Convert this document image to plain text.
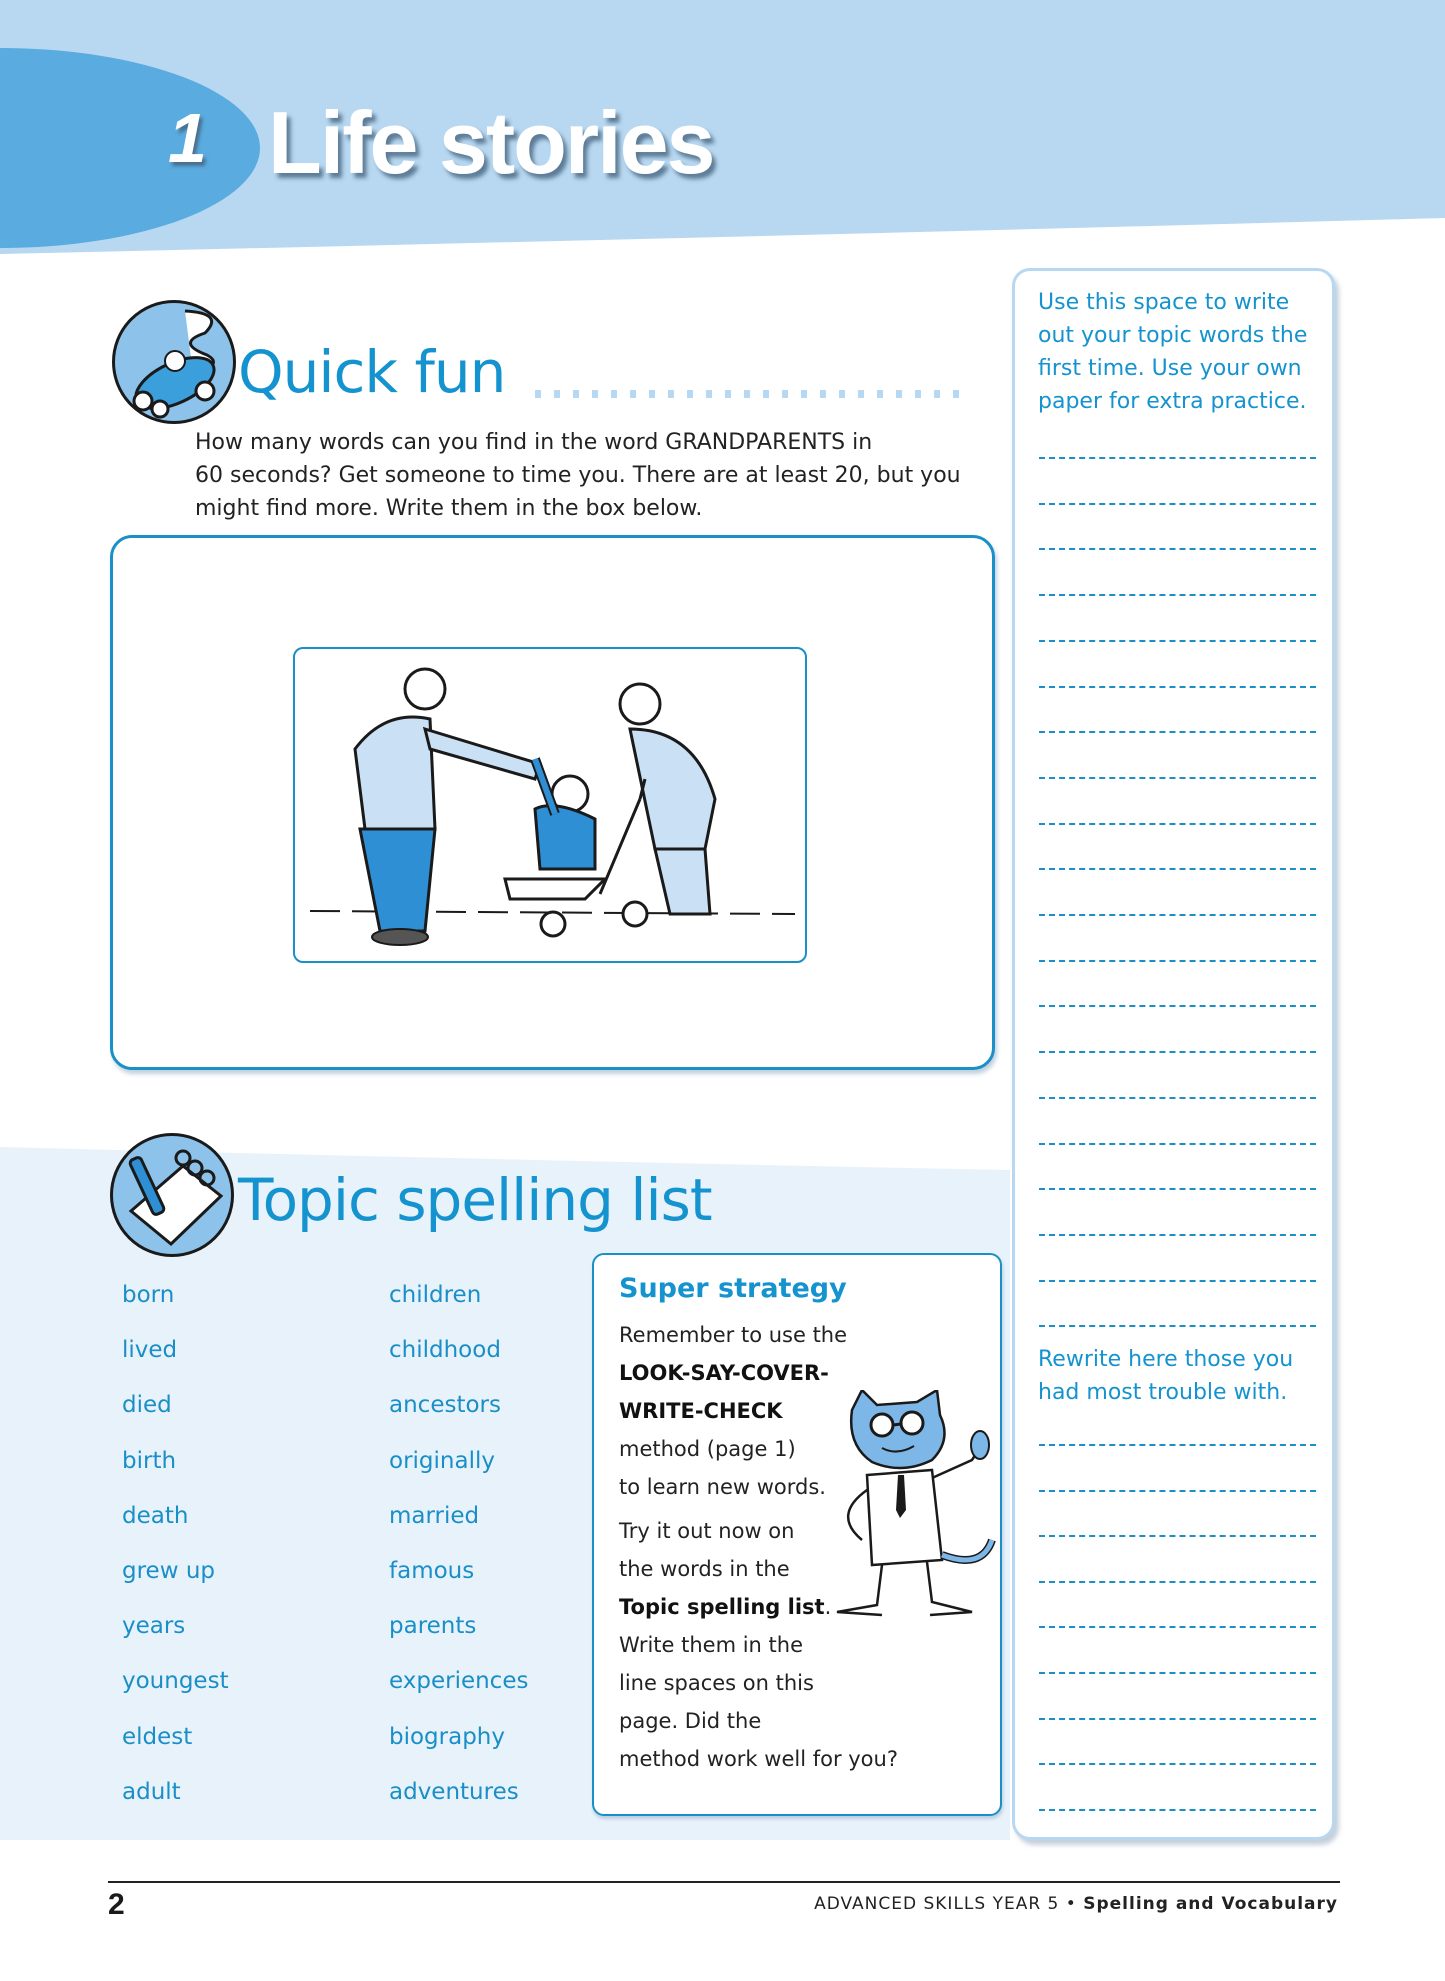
1 Life stories
Quick fun
How many words can you find in the word GRANDPARENTS in
60 seconds? Get someone to time you. There are at least 20, but you
might find more. Write them in the box below.
Topic spelling list
born
lived
died
birth
death
grew up
years
youngest
eldest
adult
children
childhood
ancestors
originally
married
famous
parents
experiences
biography
adventures
Super strategy
Remember to use the
LOOK-SAY-COVER-
WRITE-CHECK
method (page 1)
to learn new words.
Try it out now on
the words in the
Topic spelling list.
Write them in the
line spaces on this
page. Did the
method work well for you?
Use this space to write
out your topic words the
first time. Use your own
paper for extra practice.
Rewrite here those you
had most trouble with.
2	ADVANCED SKILLS YEAR 5 • Spelling and Vocabulary
